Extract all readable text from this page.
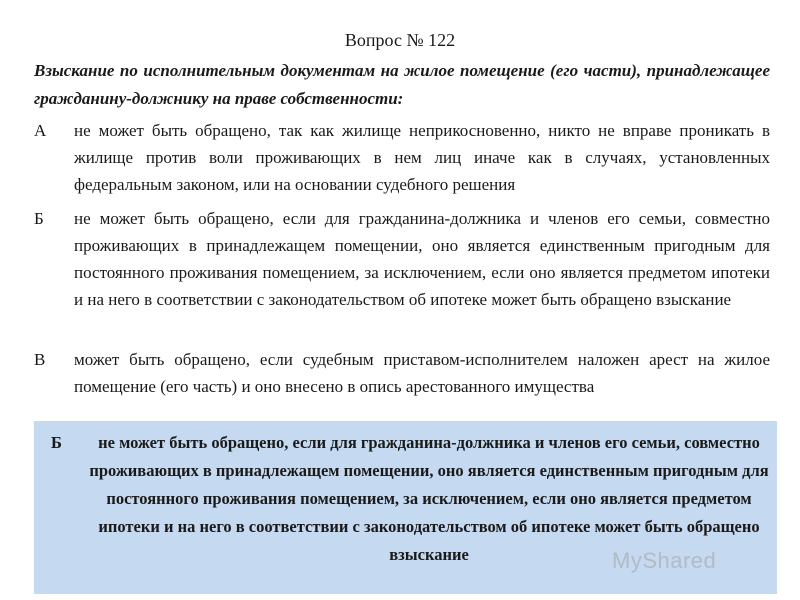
Вопрос № 122
Взыскание по исполнительным документам на жилое помещение (его части), принадлежащее гражданину-должнику на праве собственности:
А	не может быть обращено, так как жилище неприкосновенно, никто не вправе проникать в жилище против воли проживающих в нем лиц иначе как в случаях, установленных федеральным законом, или на основании судебного решения
Б	не может быть обращено, если для гражданина-должника и членов его семьи, совместно проживающих в принадлежащем помещении, оно является единственным пригодным для постоянного проживания помещением, за исключением, если оно является предметом ипотеки и на него в соответствии с законодательством об ипотеке может быть обращено взыскание
В	может быть обращено, если судебным приставом-исполнителем наложен арест на жилое помещение (его часть) и оно внесено в опись арестованного имущества
Б	не может быть обращено, если для гражданина-должника и членов его семьи, совместно проживающих в принадлежащем помещении, оно является единственным пригодным для постоянного проживания помещением, за исключением, если оно является предметом ипотеки и на него в соответствии с законодательством об ипотеке может быть обращено взыскание	MyShared
